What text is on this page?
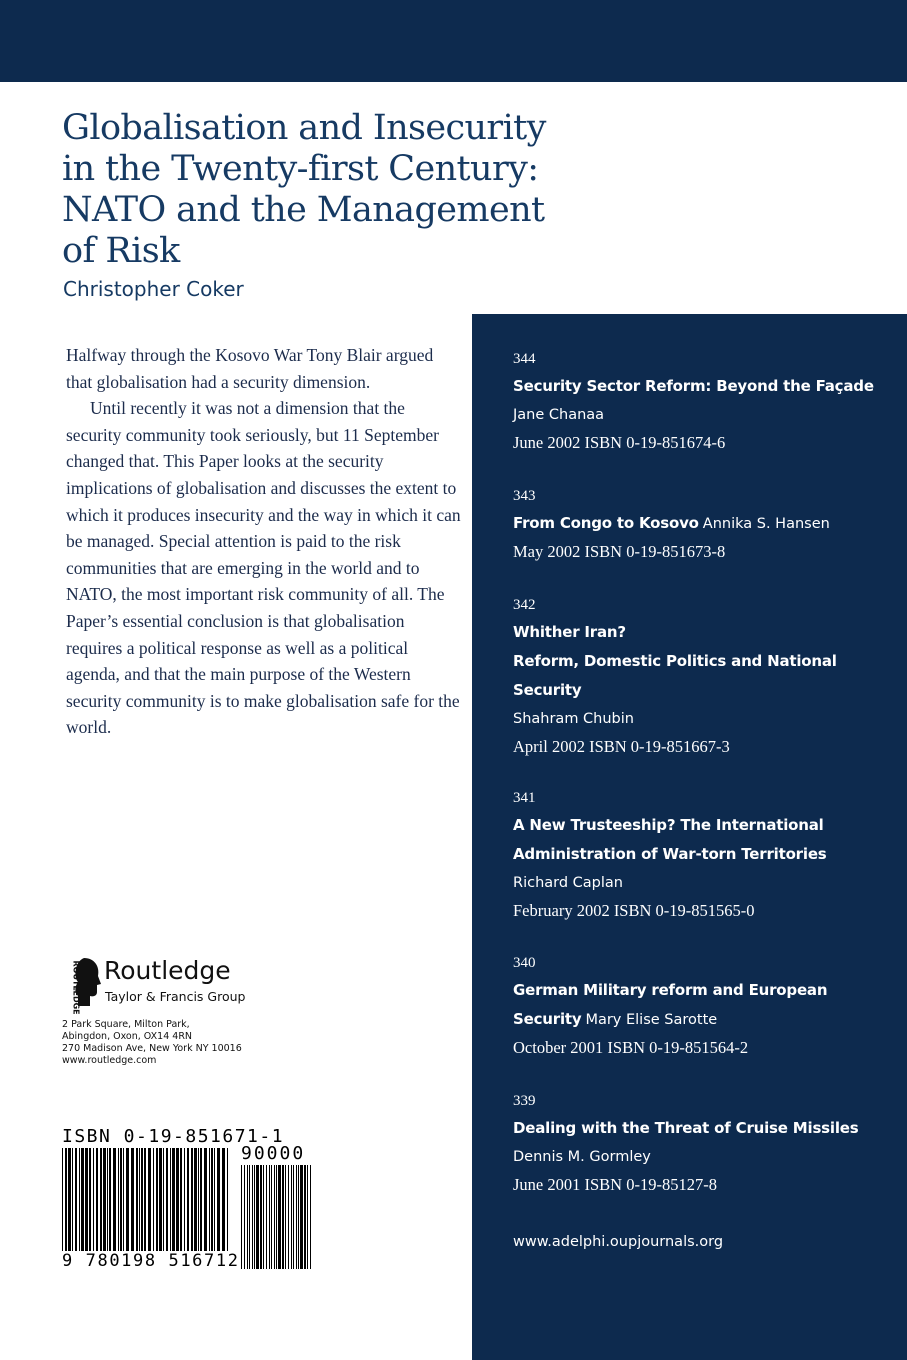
Globalisation and Insecurity
in the Twenty-first Century:
NATO and the Management
of Risk
Christopher Coker

Halfway through the Kosovo War Tony Blair argued that globalisation had a security dimension.

Until recently it was not a dimension that the security community took seriously, but 11 September changed that. This Paper looks at the security implications of globalisation and discusses the extent to which it produces insecurity and the way in which it can be managed. Special attention is paid to the risk communities that are emerging in the world and to NATO, the most important risk community of all. The Paper’s essential conclusion is that globalisation requires a political response as well as a political agenda, and that the main purpose of the Western security community is to make globalisation safe for the world.

ROUTLEDGE Routledge
Taylor & Francis Group
2 Park Square, Milton Park,
Abingdon, Oxon, OX14 4RN
270 Madison Ave, New York NY 10016
www.routledge.com
ISBN 0-19-851671-1
9 780198 516712
90000
344
Security Sector Reform: Beyond the Façade
Jane Chanaa
June 2002 ISBN 0-19-851674-6
343
From Congo to Kosovo Annika S. Hansen
May 2002 ISBN 0-19-851673-8
342
Whither Iran?
Reform, Domestic Politics and National
Security
Shahram Chubin
April 2002 ISBN 0-19-851667-3
341
A New Trusteeship? The International
Administration of War-torn Territories
Richard Caplan
February 2002 ISBN 0-19-851565-0
340
German Military reform and European
Security Mary Elise Sarotte
October 2001 ISBN 0-19-851564-2
339
Dealing with the Threat of Cruise Missiles
Dennis M. Gormley
June 2001 ISBN 0-19-85127-8
www.adelphi.oupjournals.org
